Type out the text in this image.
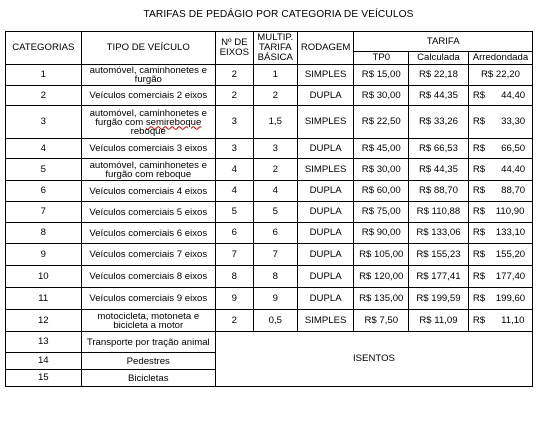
TARIFAS DE PEDÁGIO POR CATEGORIA DE VEÍCULOS
CATEGORIAS	TIPO DE VEÍCULO	Nº DE EIXOS	MULTIP. TARIFA BÁSICA	RODAGEM	TARIFA		
					TP0	Calculada	Arredondada
1	automóvel, caminhonetes e furgão	2	1	SIMPLES	R$ 15,00	R$ 22,18	R$ 22,20
2	Veículos comerciais 2 eixos	2	2	DUPLA	R$ 30,00	R$ 44,35	R$      44,40
3	automóvel, caminhonetes e furgão com semireboque reboque	3	1,5	SIMPLES	R$ 22,50	R$ 33,26	R$      33,30
4	Veículos comerciais 3 eixos	3	3	DUPLA	R$ 45,00	R$ 66,53	R$      66,50
5	automóvel, caminhonetes e furgão com reboque	4	2	SIMPLES	R$ 30,00	R$ 44,35	R$      44,40
6	Veículos comerciais 4 eixos	4	4	DUPLA	R$ 60,00	R$ 88,70	R$      88,70
7	Veículos comerciais 5 eixos	5	5	DUPLA	R$ 75,00	R$ 110,88	R$    110,90
8	Veículos comerciais 6 eixos	6	6	DUPLA	R$ 90,00	R$ 133,06	R$    133,10
9	Veículos comerciais 7 eixos	7	7	DUPLA	R$ 105,00	R$ 155,23	R$    155,20
10	Veículos comerciais 8 eixos	8	8	DUPLA	R$ 120,00	R$ 177,41	R$    177,40
11	Veículos comerciais 9 eixos	9	9	DUPLA	R$ 135,00	R$ 199,59	R$    199,60
12	motocicleta, motoneta e bicicleta a motor	2	0,5	SIMPLES	R$ 7,50	R$ 11,09	R$      11,10
13	Transporte por tração animal	ISENTOS					
14	Pedestres						
15	Bicicletas						
